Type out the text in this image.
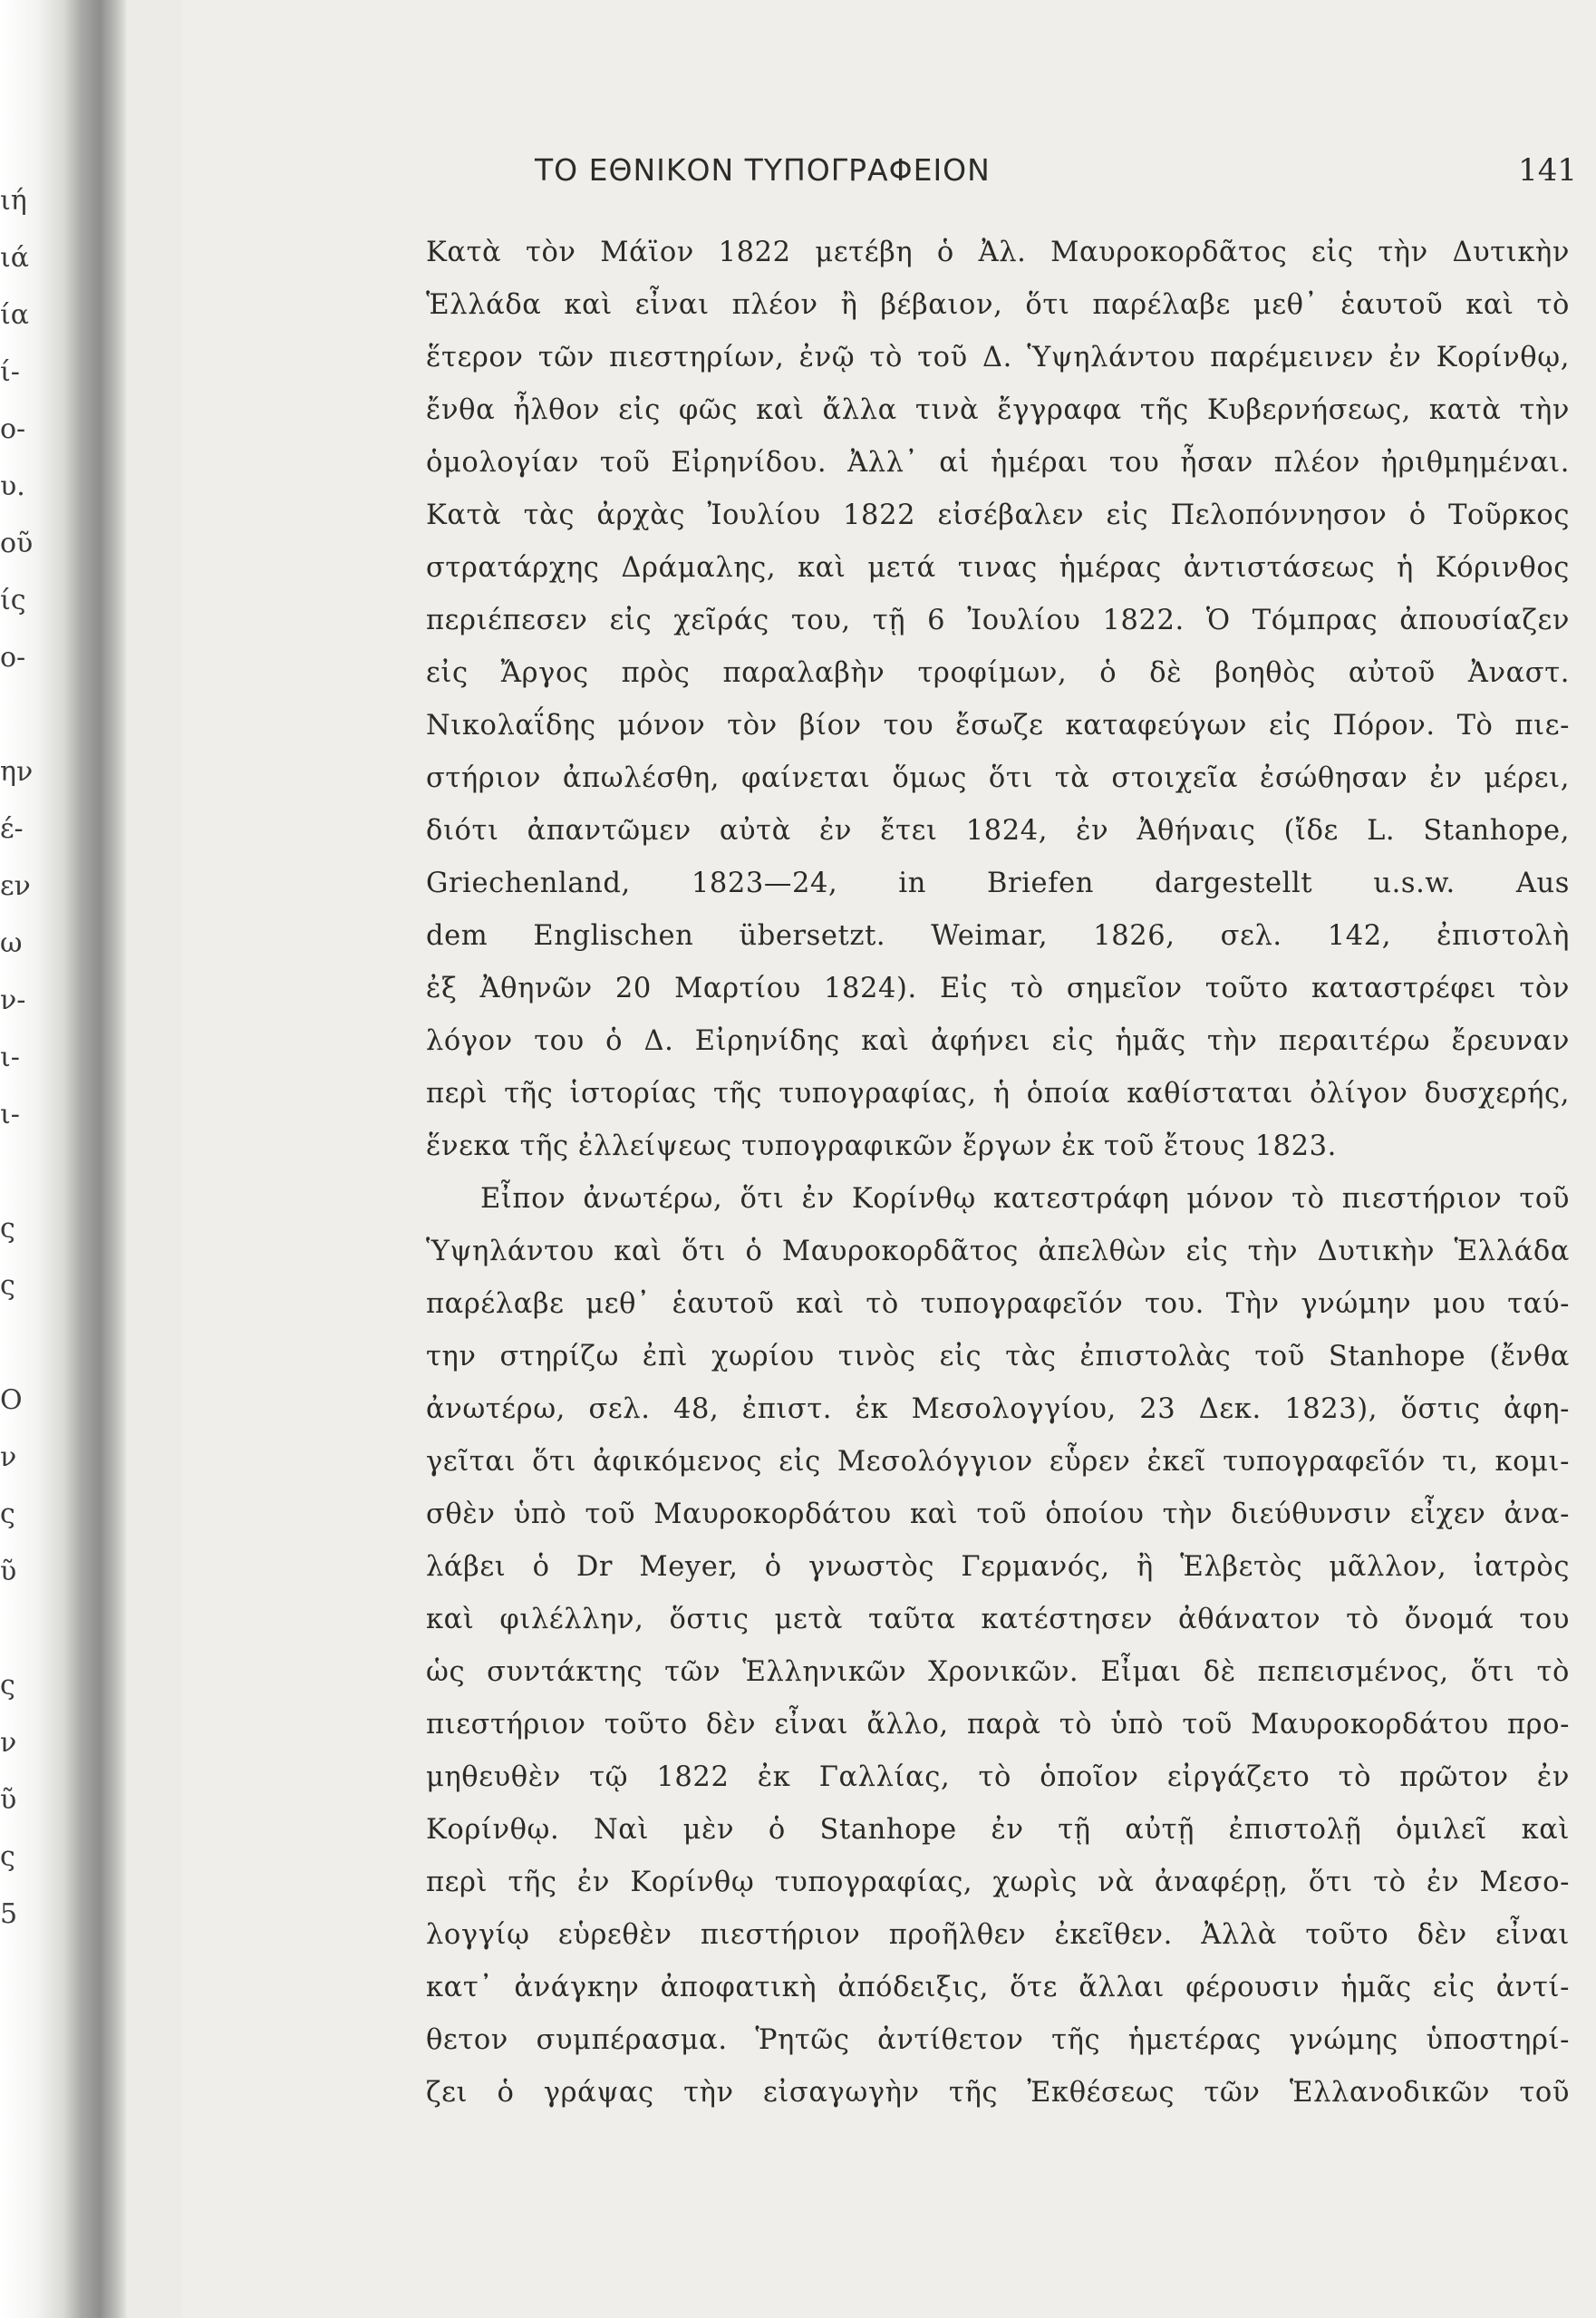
ιή
ιά
ία
ί-
ο-
υ.
οῦ
ίς
ο-
ην
έ-
εν
ω
ν-
ι-
ι-
ς
ς
Ο
ν
ς
ῦ
ς
ν
ῦ
ς
5
ΤΟ ΕΘΝΙΚΟΝ ΤΥΠΟΓΡΑΦΕΙΟΝ	141
Κατὰ τὸν Μάϊον 1822 μετέβη ὁ Ἀλ. Μαυροκορδᾶτος εἰς τὴν Δυτικὴν
Ἑλλάδα καὶ εἶναι πλέον ἢ βέβαιον, ὅτι παρέλαβε μεθ᾽ ἑαυτοῦ καὶ τὸ
ἕτερον τῶν πιεστηρίων, ἐνῷ τὸ τοῦ Δ. Ὑψηλάντου παρέμεινεν ἐν Κορίνθῳ,
ἔνθα ἦλθον εἰς φῶς καὶ ἄλλα τινὰ ἔγγραφα τῆς Κυβερνήσεως, κατὰ τὴν
ὁμολογίαν τοῦ Εἰρηνίδου. Ἀλλ᾽ αἱ ἡμέραι του ἦσαν πλέον ἠριθμημέναι.
Κατὰ τὰς ἀρχὰς Ἰουλίου 1822 εἰσέβαλεν εἰς Πελοπόννησον ὁ Τοῦρκος
στρατάρχης Δράμαλης, καὶ μετά τινας ἡμέρας ἀντιστάσεως ἡ Κόρινθος
περιέπεσεν εἰς χεῖράς του, τῇ 6 Ἰουλίου 1822. Ὁ Τόμπρας ἀπουσίαζεν
εἰς Ἄργος πρὸς παραλαβὴν τροφίμων, ὁ δὲ βοηθὸς αὐτοῦ Ἀναστ.
Νικολαΐδης μόνον τὸν βίον του ἔσωζε καταφεύγων εἰς Πόρον. Τὸ πιε-
στήριον ἀπωλέσθη, φαίνεται ὅμως ὅτι τὰ στοιχεῖα ἐσώθησαν ἐν μέρει,
διότι ἀπαντῶμεν αὐτὰ ἐν ἔτει 1824, ἐν Ἀθήναις (ἴδε L. Stanhope,
Griechenland, 1823—24, in Briefen dargestellt u.s.w. Aus
dem Englischen übersetzt. Weimar, 1826, σελ. 142, ἐπιστολὴ
ἐξ Ἀθηνῶν 20 Μαρτίου 1824). Εἰς τὸ σημεῖον τοῦτο καταστρέφει τὸν
λόγον του ὁ Δ. Εἰρηνίδης καὶ ἀφήνει εἰς ἡμᾶς τὴν περαιτέρω ἔρευναν
περὶ τῆς ἱστορίας τῆς τυπογραφίας, ἡ ὁποία καθίσταται ὀλίγον δυσχερής,
ἕνεκα τῆς ἐλλείψεως τυπογραφικῶν ἔργων ἐκ τοῦ ἔτους 1823.
Εἶπον ἀνωτέρω, ὅτι ἐν Κορίνθῳ κατεστράφη μόνον τὸ πιεστήριον τοῦ
Ὑψηλάντου καὶ ὅτι ὁ Μαυροκορδᾶτος ἀπελθὼν εἰς τὴν Δυτικὴν Ἑλλάδα
παρέλαβε μεθ᾽ ἑαυτοῦ καὶ τὸ τυπογραφεῖόν του. Τὴν γνώμην μου ταύ-
την στηρίζω ἐπὶ χωρίου τινὸς εἰς τὰς ἐπιστολὰς τοῦ Stanhope (ἔνθα
ἀνωτέρω, σελ. 48, ἐπιστ. ἐκ Μεσολογγίου, 23 Δεκ. 1823), ὅστις ἀφη-
γεῖται ὅτι ἀφικόμενος εἰς Μεσολόγγιον εὗρεν ἐκεῖ τυπογραφεῖόν τι, κομι-
σθὲν ὑπὸ τοῦ Μαυροκορδάτου καὶ τοῦ ὁποίου τὴν διεύθυνσιν εἶχεν ἀνα-
λάβει ὁ Dr Meyer, ὁ γνωστὸς Γερμανός, ἢ Ἑλβετὸς μᾶλλον, ἰατρὸς
καὶ φιλέλλην, ὅστις μετὰ ταῦτα κατέστησεν ἀθάνατον τὸ ὄνομά του
ὡς συντάκτης τῶν Ἑλληνικῶν Χρονικῶν. Εἶμαι δὲ πεπεισμένος, ὅτι τὸ
πιεστήριον τοῦτο δὲν εἶναι ἄλλο, παρὰ τὸ ὑπὸ τοῦ Μαυροκορδάτου προ-
μηθευθὲν τῷ 1822 ἐκ Γαλλίας, τὸ ὁποῖον εἰργάζετο τὸ πρῶτον ἐν
Κορίνθῳ. Ναὶ μὲν ὁ Stanhope ἐν τῇ αὐτῇ ἐπιστολῇ ὁμιλεῖ καὶ
περὶ τῆς ἐν Κορίνθῳ τυπογραφίας, χωρὶς νὰ ἀναφέρῃ, ὅτι τὸ ἐν Μεσο-
λογγίῳ εὑρεθὲν πιεστήριον προῆλθεν ἐκεῖθεν. Ἀλλὰ τοῦτο δὲν εἶναι
κατ᾽ ἀνάγκην ἀποφατικὴ ἀπόδειξις, ὅτε ἄλλαι φέρουσιν ἡμᾶς εἰς ἀντί-
θετον συμπέρασμα. Ῥητῶς ἀντίθετον τῆς ἡμετέρας γνώμης ὑποστηρί-
ζει ὁ γράψας τὴν εἰσαγωγὴν τῆς Ἐκθέσεως τῶν Ἑλλανοδικῶν τοῦ
